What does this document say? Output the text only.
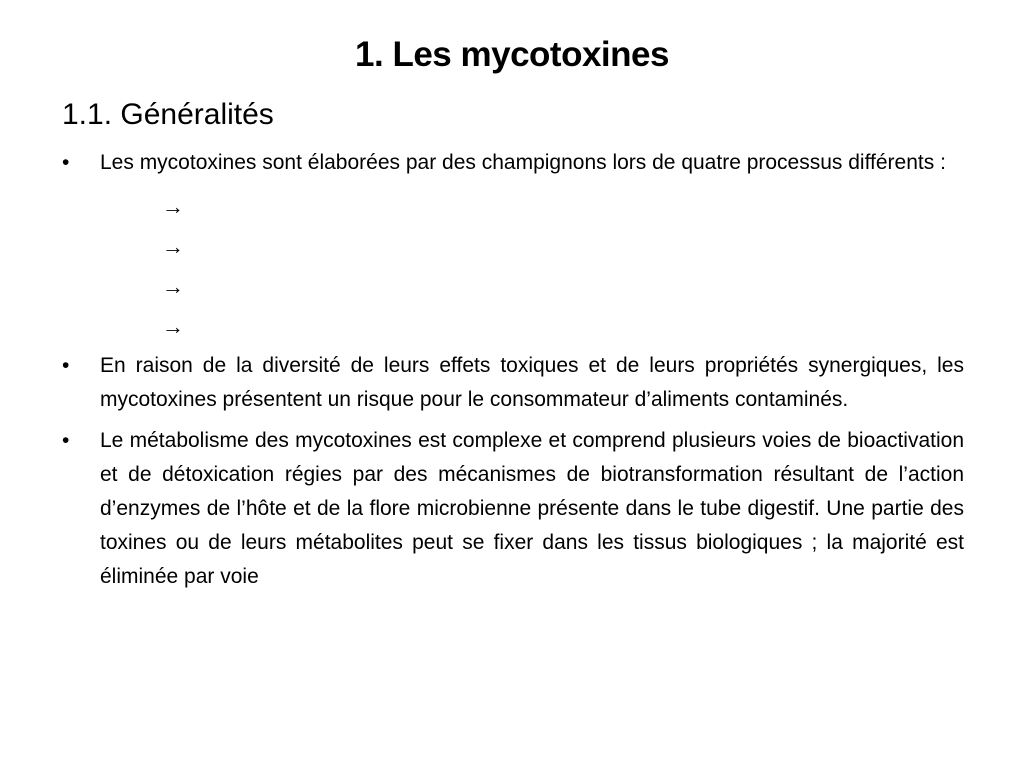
1. Les mycotoxines
1.1. Généralités
• Les mycotoxines sont élaborées par des champignons lors de quatre processus différents :
→
→
→
→
• En raison de la diversité de leurs effets toxiques et de leurs propriétés synergiques, les mycotoxines présentent un risque pour le consommateur d’aliments contaminés.
• Le métabolisme des mycotoxines est complexe et comprend plusieurs voies de bioactivation et de détoxication régies par des mécanismes de biotransformation résultant de l’action d’enzymes de l’hôte et de la flore microbienne présente dans le tube digestif. Une partie des toxines ou de leurs métabolites peut se fixer dans les tissus biologiques ; la majorité est éliminée par voie
